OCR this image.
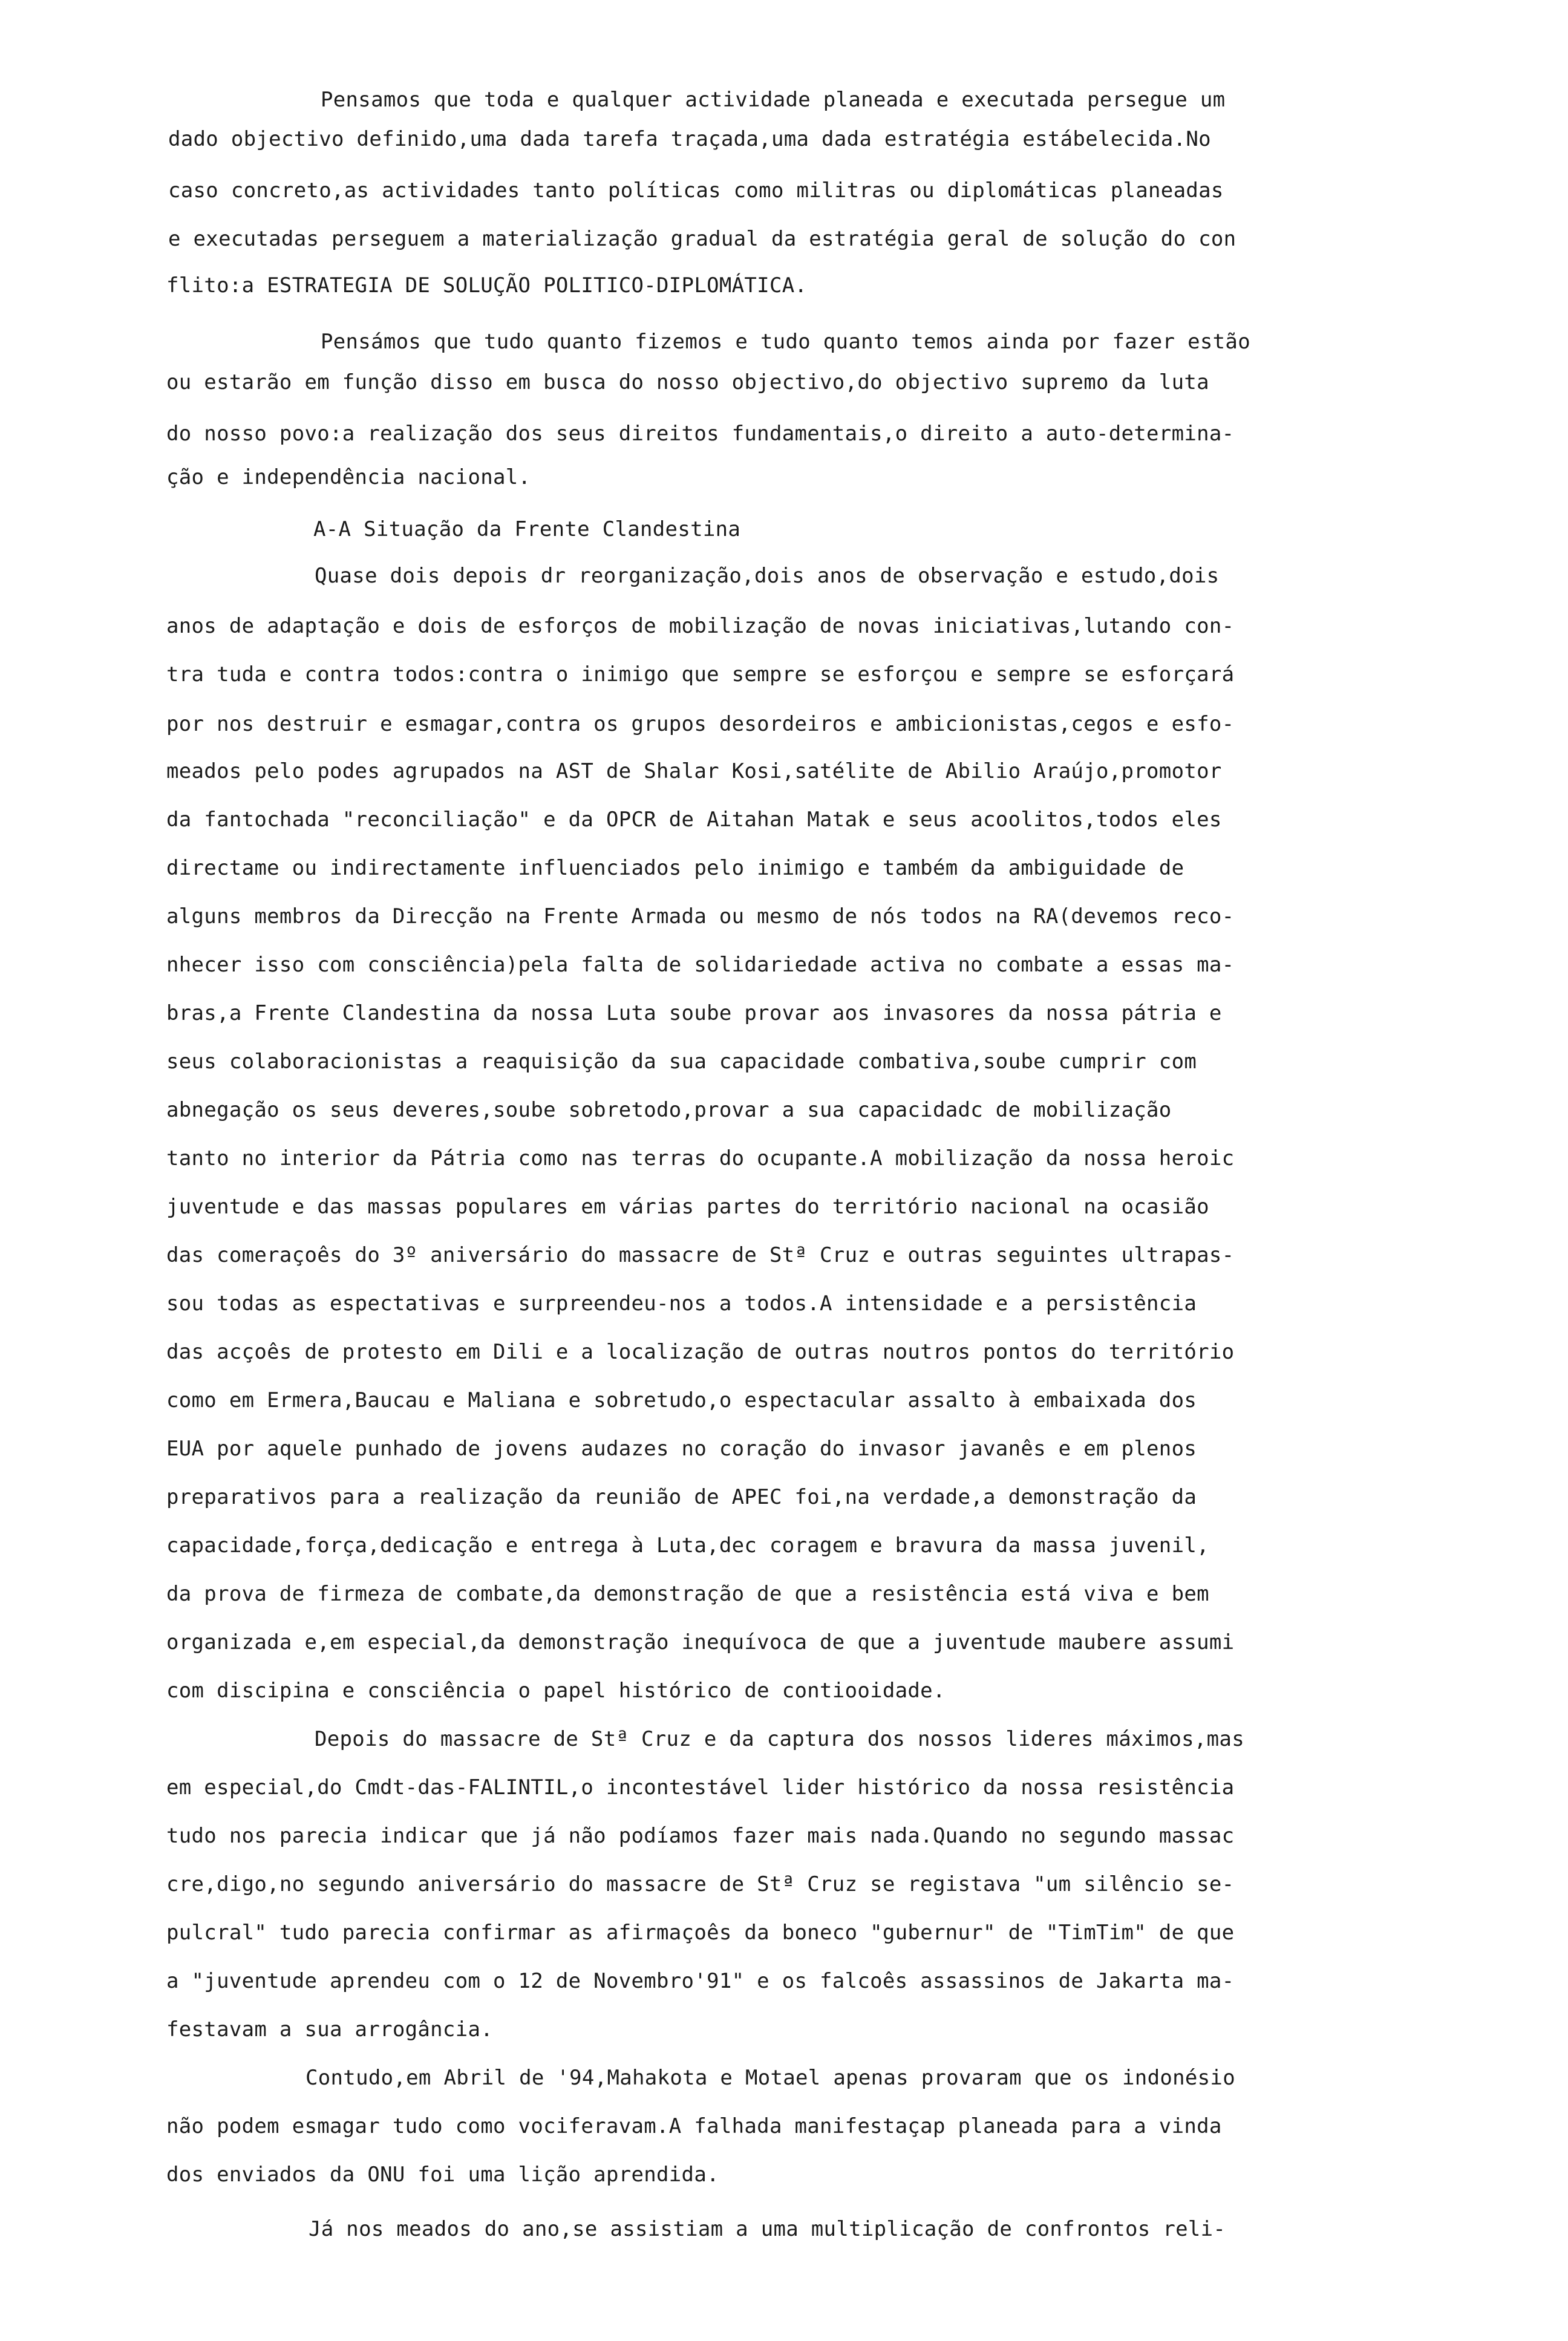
Pensamos que toda e qualquer actividade planeada e executada persegue um
dado objectivo definido,uma dada tarefa traçada,uma dada estratégia estábelecida.No
caso concreto,as actividades tanto políticas como militras ou diplomáticas planeadas
e executadas perseguem a materialização gradual da estratégia geral de solução do con
flito:a ESTRATEGIA DE SOLUÇÃO POLITICO-DIPLOMÁTICA.
Pensámos que tudo quanto fizemos e tudo quanto temos ainda por fazer estão
ou estarão em função disso em busca do nosso objectivo,do objectivo supremo da luta
do nosso povo:a realização dos seus direitos fundamentais,o direito a auto-determina-
ção e independência nacional.
A-A Situação da Frente Clandestina
Quase dois depois dr reorganização,dois anos de observação e estudo,dois
anos de adaptação e dois de esforços de mobilização de novas iniciativas,lutando con-
tra tuda e contra todos:contra o inimigo que sempre se esforçou e sempre se esforçará
por nos destruir e esmagar,contra os grupos desordeiros e ambicionistas,cegos e esfo-
meados pelo podes agrupados na AST de Shalar Kosi,satélite de Abilio Araújo,promotor
da fantochada "reconciliação" e da OPCR de Aitahan Matak e seus acoolitos,todos eles
directame ou indirectamente influenciados pelo inimigo e também da ambiguidade de
alguns membros da Direcção na Frente Armada ou mesmo de nós todos na RA(devemos reco-
nhecer isso com consciência)pela falta de solidariedade activa no combate a essas ma-
bras,a Frente Clandestina da nossa Luta soube provar aos invasores da nossa pátria e
seus colaboracionistas a reaquisição da sua capacidade combativa,soube cumprir com
abnegação os seus deveres,soube sobretodo,provar a sua capacidadc de mobilização
tanto no interior da Pátria como nas terras do ocupante.A mobilização da nossa heroic
juventude e das massas populares em várias partes do território nacional na ocasião
das comeraçoês do 3º aniversário do massacre de Stª Cruz e outras seguintes ultrapas-
sou todas as espectativas e surpreendeu-nos a todos.A intensidade e a persistência
das acçoês de protesto em Dili e a localização de outras noutros pontos do território
como em Ermera,Baucau e Maliana e sobretudo,o espectacular assalto à embaixada dos
EUA por aquele punhado de jovens audazes no coração do invasor javanês e em plenos
preparativos para a realização da reunião de APEC foi,na verdade,a demonstração da
capacidade,força,dedicação e entrega à Luta,dec coragem e bravura da massa juvenil,
da prova de firmeza de combate,da demonstração de que a resistência está viva e bem
organizada e,em especial,da demonstração inequívoca de que a juventude maubere assumi
com discipina e consciência o papel histórico de contiooidade.
Depois do massacre de Stª Cruz e da captura dos nossos lideres máximos,mas
em especial,do Cmdt-das-FALINTIL,o incontestável lider histórico da nossa resistência
tudo nos parecia indicar que já não podíamos fazer mais nada.Quando no segundo massac
cre,digo,no segundo aniversário do massacre de Stª Cruz se registava "um silêncio se-
pulcral" tudo parecia confirmar as afirmaçoês da boneco "gubernur" de "TimTim" de que
a "juventude aprendeu com o 12 de Novembro'91" e os falcoês assassinos de Jakarta ma-
festavam a sua arrogância.
Contudo,em Abril de '94,Mahakota e Motael apenas provaram que os indonésio
não podem esmagar tudo como vociferavam.A falhada manifestaçap planeada para a vinda
dos enviados da ONU foi uma lição aprendida.
Já nos meados do ano,se assistiam a uma multiplicação de confrontos reli-
